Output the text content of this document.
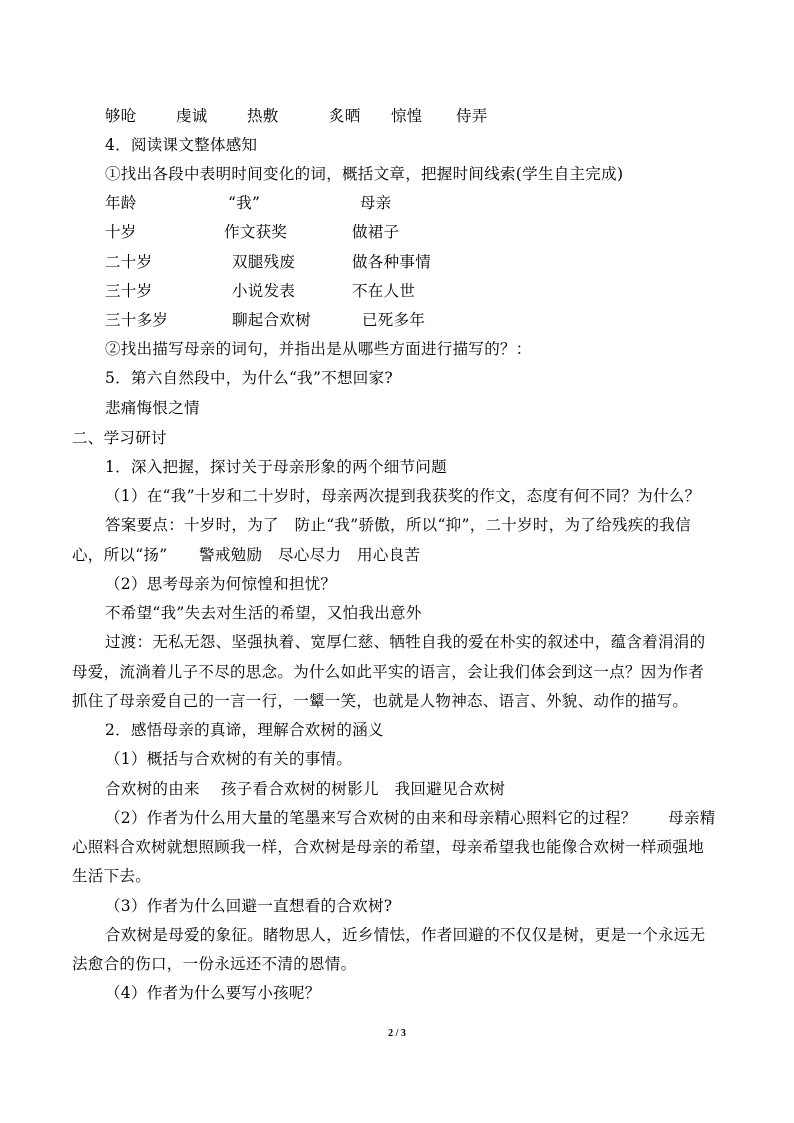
够呛	虔诚	热敷	炙晒 惊惶 侍弄
4．阅读课文整体感知
①找出各段中表明时间变化的词，概括文章，把握时间线索(学生自主完成)
年龄	“我”	母亲
十岁	作文获奖	做裙子
二十岁	双腿残废	做各种事情
三十岁	小说发表	不在人世
三十多岁	聊起合欢树	已死多年
②找出描写母亲的词句，并指出是从哪些方面进行描写的？：
5．第六自然段中，为什么“我”不想回家?
悲痛悔恨之情
二、学习研讨
1．深入把握，探讨关于母亲形象的两个细节问题
（1）在“我”十岁和二十岁时，母亲两次提到我获奖的作文，态度有何不同？为什么？
答案要点：十岁时，为了　防止“我”骄傲，所以“抑”，二十岁时，为了给残疾的我信
心，所以“扬”　　警戒勉励　尽心尽力　用心良苦
（2）思考母亲为何惊惶和担忧？
不希望“我”失去对生活的希望，又怕我出意外
过渡：无私无怨、坚强执着、宽厚仁慈、牺牲自我的爱在朴实的叙述中，蕴含着涓涓的
母爱，流淌着儿子不尽的思念。为什么如此平实的语言，会让我们体会到这一点？因为作者
抓住了母亲爱自己的一言一行，一颦一笑，也就是人物神态、语言、外貌、动作的描写。
2．感悟母亲的真谛，理解合欢树的涵义
（1）概括与合欢树的有关的事情。
合欢树的由来　 孩子看合欢树的树影儿　我回避见合欢树
（2）作者为什么用大量的笔墨来写合欢树的由来和母亲精心照料它的过程？　　母亲精
心照料合欢树就想照顾我一样，合欢树是母亲的希望，母亲希望我也能像合欢树一样顽强地
生活下去。
（3）作者为什么回避一直想看的合欢树?
合欢树是母爱的象征。睹物思人，近乡情怯，作者回避的不仅仅是树，更是一个永远无
法愈合的伤口，一份永远还不清的恩情。
（4）作者为什么要写小孩呢？
2 / 3
